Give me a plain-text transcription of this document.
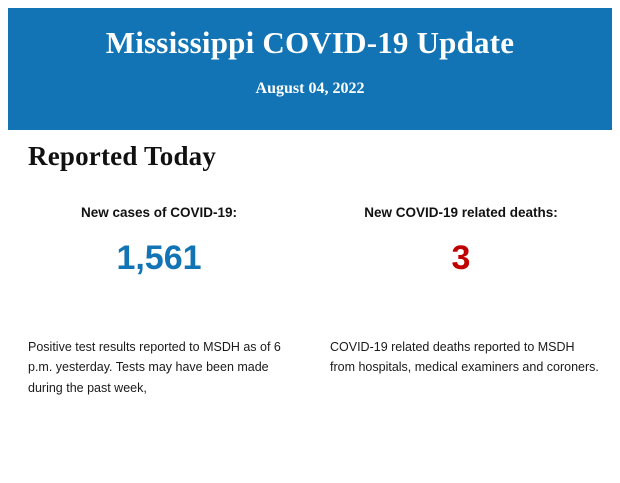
Mississippi COVID-19 Update
August 04, 2022
Reported Today
New cases of COVID-19:
1,561
New COVID-19 related deaths:
3
Positive test results reported to MSDH as of 6 p.m. yesterday. Tests may have been made during the past week,
COVID-19 related deaths reported to MSDH from hospitals, medical examiners and coroners.
